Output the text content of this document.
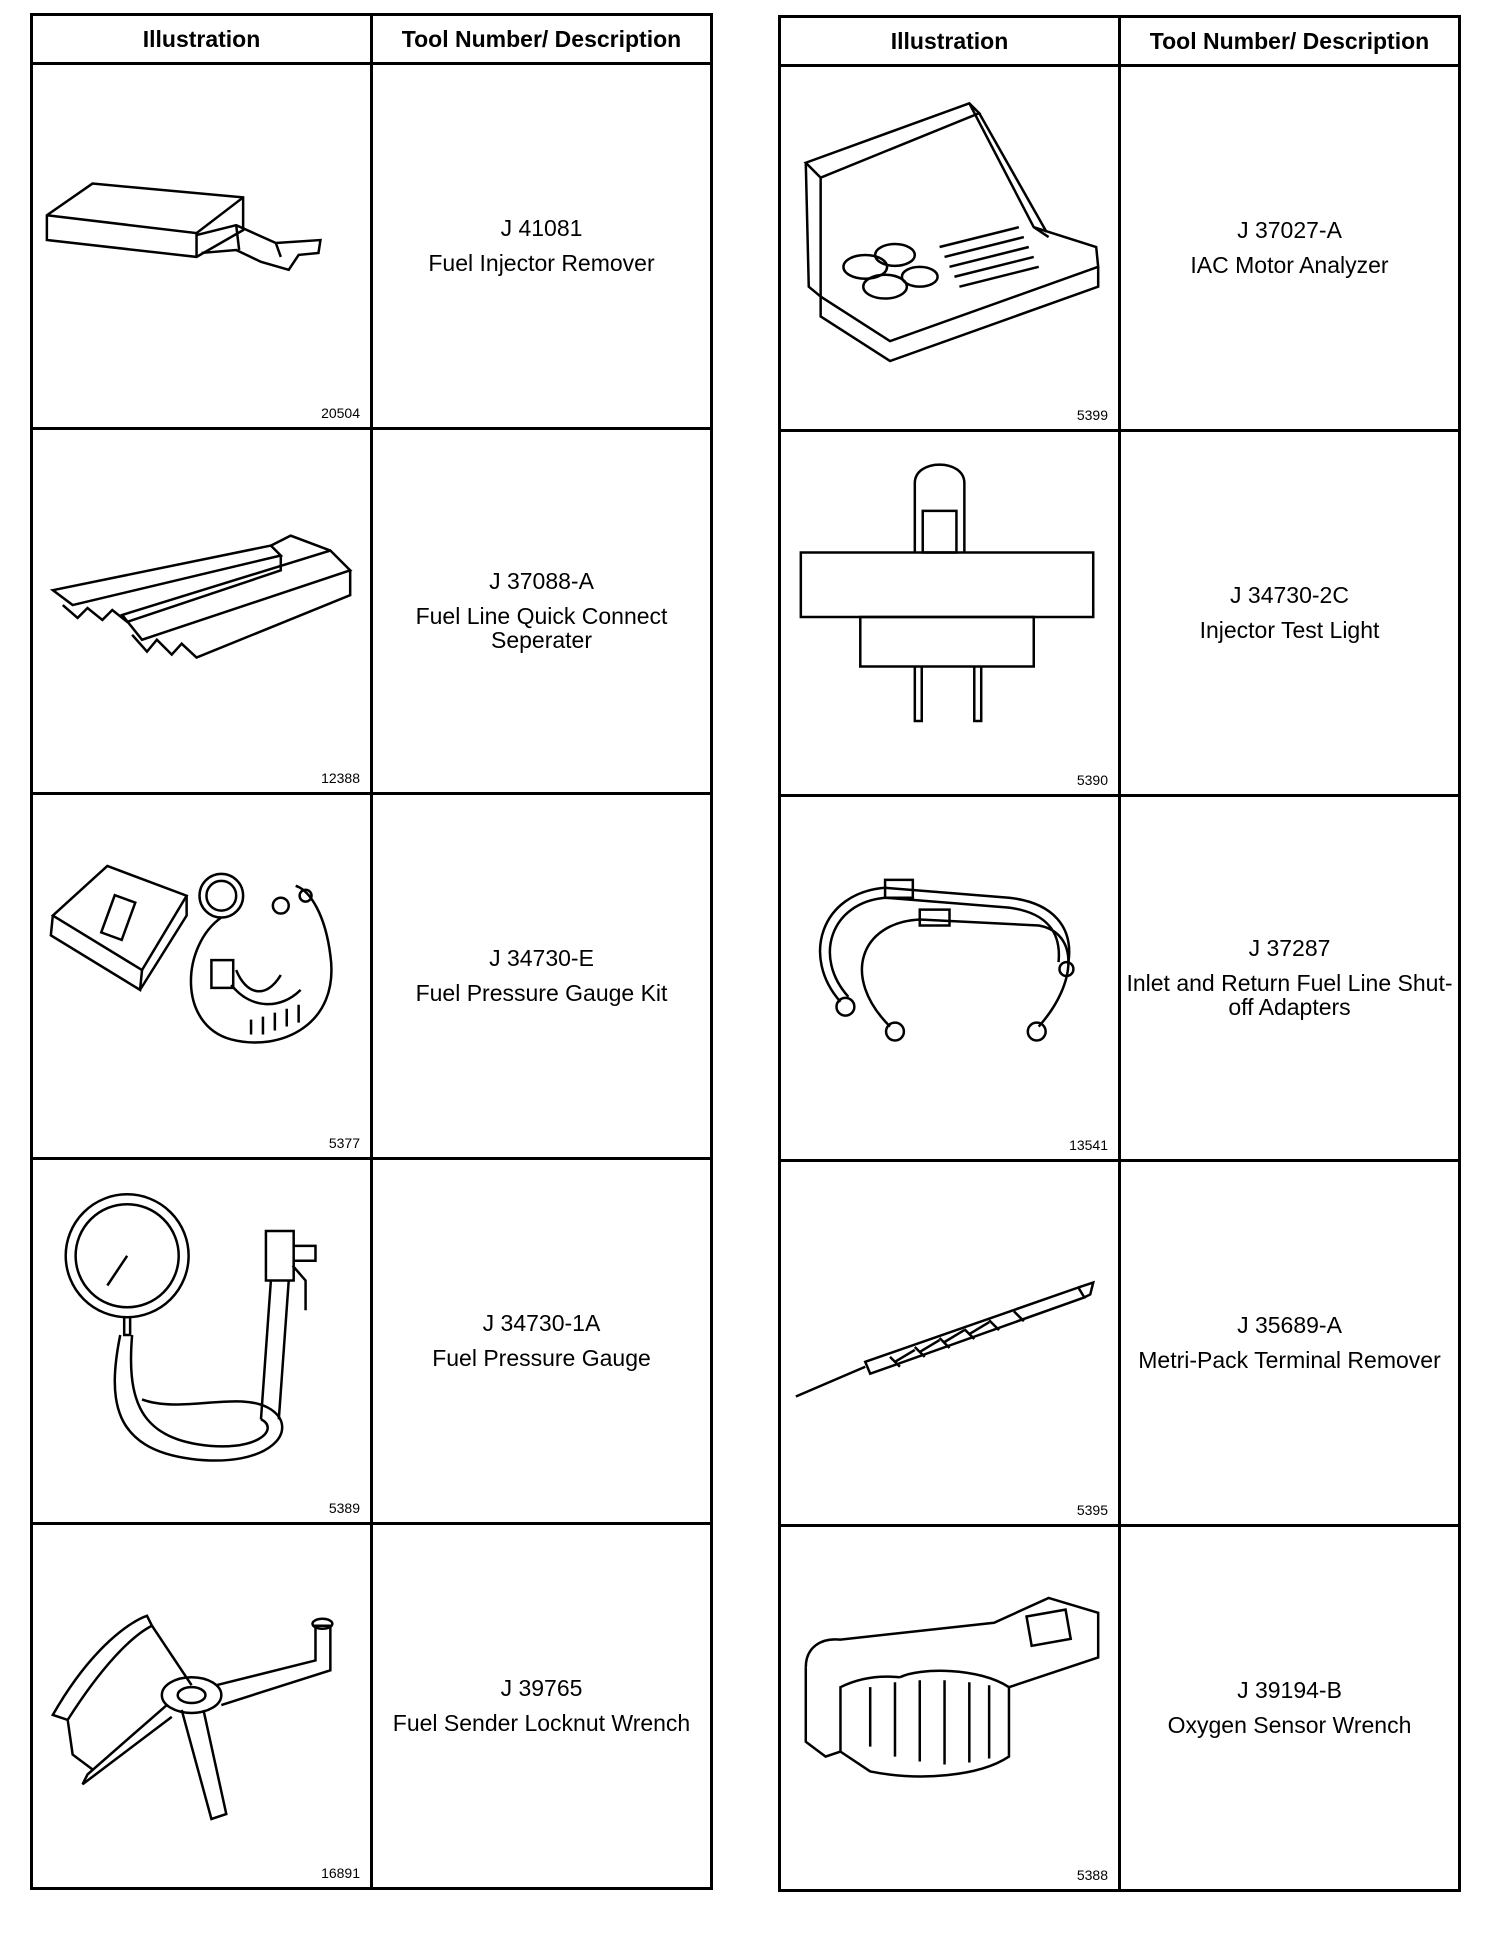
Illustration	Tool Number/ Description

20504	J 41081
Fuel Injector Remover

12388	J 37088-A
Fuel Line Quick Connect Seperater

5377	J 34730-E
Fuel Pressure Gauge Kit

5389	J 34730-1A
Fuel Pressure Gauge

16891	J 39765
Fuel Sender Locknut Wrench
Illustration	Tool Number/ Description

5399	J 37027-A
IAC Motor Analyzer

5390	J 34730-2C
Injector Test Light

13541	J 37287
Inlet and Return Fuel Line Shut-off Adapters

5395	J 35689-A
Metri-Pack Terminal Remover

5388	J 39194-B
Oxygen Sensor Wrench
